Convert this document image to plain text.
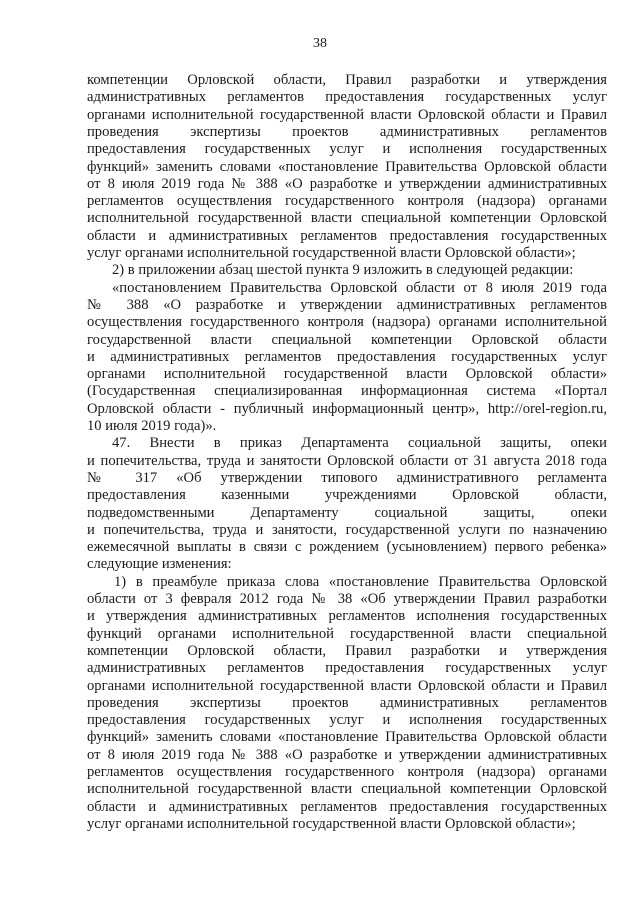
38
компетенции Орловской области, Правил разработки и утверждения
административных регламентов предоставления государственных услуг
органами исполнительной государственной власти Орловской области и Правил
проведения экспертизы проектов административных регламентов
предоставления государственных услуг и исполнения государственных
функций» заменить словами «постановление Правительства Орловской области
от 8 июля 2019 года № 388 «О разработке и утверждении административных
регламентов осуществления государственного контроля (надзора) органами
исполнительной государственной власти специальной компетенции Орловской
области и административных регламентов предоставления государственных
услуг органами исполнительной государственной власти Орловской области»;
2) в приложении абзац шестой пункта 9 изложить в следующей редакции:
«постановлением Правительства Орловской области от 8 июля 2019 года
№ 388 «О разработке и утверждении административных регламентов
осуществления государственного контроля (надзора) органами исполнительной
государственной власти специальной компетенции Орловской области
и административных регламентов предоставления государственных услуг
органами исполнительной государственной власти Орловской области»
(Государственная специализированная информационная система «Портал
Орловской области - публичный информационный центр», http://orel-region.ru,
10 июля 2019 года)».
47. Внести в приказ Департамента социальной защиты, опеки
и попечительства, труда и занятости Орловской области от 31 августа 2018 года
№ 317 «Об утверждении типового административного регламента
предоставления казенными учреждениями Орловской области,
подведомственными Департаменту социальной защиты, опеки
и попечительства, труда и занятости, государственной услуги по назначению
ежемесячной выплаты в связи с рождением (усыновлением) первого ребенка»
следующие изменения:
1) в преамбуле приказа слова «постановление Правительства Орловской
области от 3 февраля 2012 года № 38 «Об утверждении Правил разработки
и утверждения административных регламентов исполнения государственных
функций органами исполнительной государственной власти специальной
компетенции Орловской области, Правил разработки и утверждения
административных регламентов предоставления государственных услуг
органами исполнительной государственной власти Орловской области и Правил
проведения экспертизы проектов административных регламентов
предоставления государственных услуг и исполнения государственных
функций» заменить словами «постановление Правительства Орловской области
от 8 июля 2019 года № 388 «О разработке и утверждении административных
регламентов осуществления государственного контроля (надзора) органами
исполнительной государственной власти специальной компетенции Орловской
области и административных регламентов предоставления государственных
услуг органами исполнительной государственной власти Орловской области»;
